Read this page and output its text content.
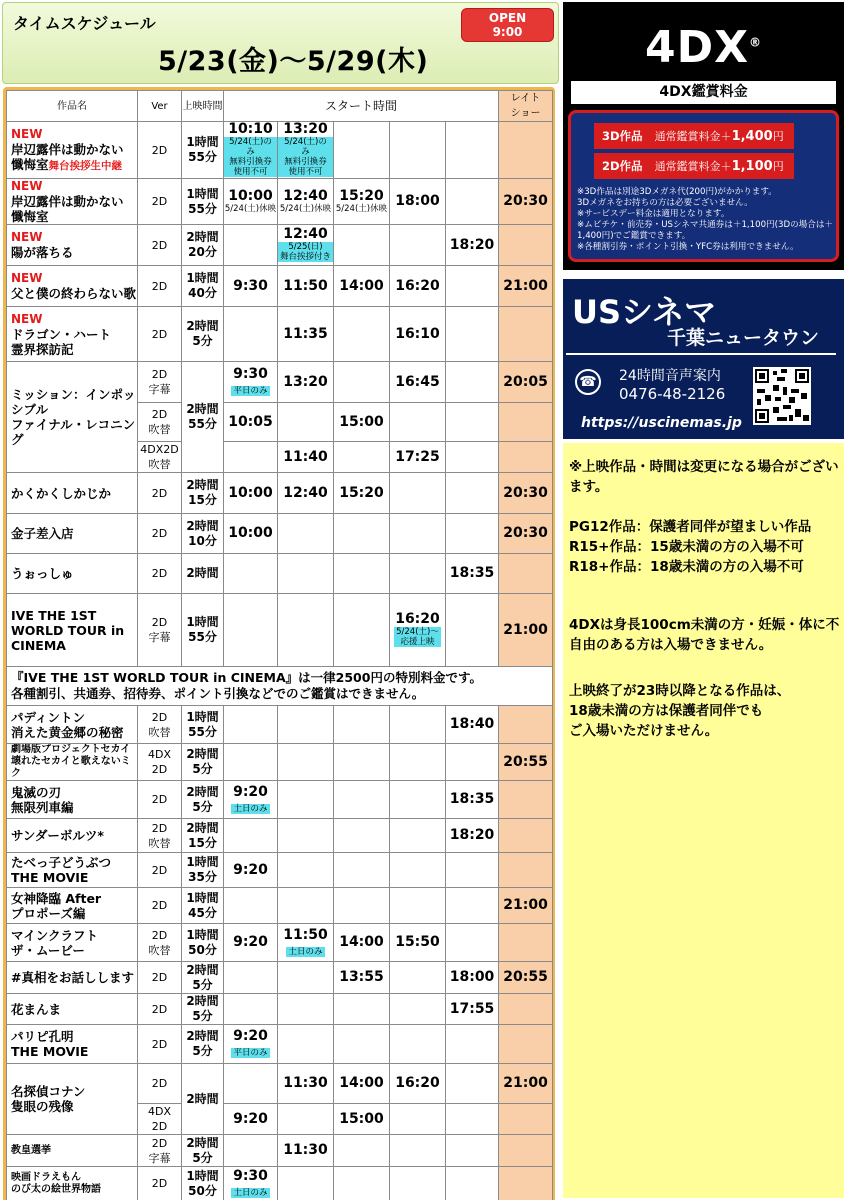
タイムスケジュール
5/23(金)〜5/29(木)
OPEN
9:00
作品名	Ver	上映時間	スタート時間					レイト
ショー

NEW
岸辺露伴は動かない
懺悔室舞台挨拶生中継	2D	1時間
55分	10:10
5/24(土)のみ
無料引換券
使用不可	13:20
5/24(土)のみ
無料引換券
使用不可				

NEW
岸辺露伴は動かない
懺悔室	2D	1時間
55分	10:00
5/24(土)休映	12:40
5/24(土)休映	15:20
5/24(土)休映	18:00		20:30

NEW
陽が落ちる	2D	2時間
20分		12:40
5/25(日)
舞台挨拶付き			18:20	

NEW
父と僕の終わらない歌	2D	1時間
40分	9:30	11:50	14:00	16:20		21:00

NEW
ドラゴン・ハート
霊界探訪記	2D	2時間
5分		11:35		16:10		

ミッション：インポッシブル
ファイナル・レコニング	2D
字幕	2時間
55分	9:30
平日のみ	13:20		16:45		20:05

	2D
吹替		10:05		15:00			

	4DX2D
吹替			11:40		17:25		

かくかくしかじか	2D	2時間
15分	10:00	12:40	15:20			20:30

金子差入店	2D	2時間
10分	10:00					20:30

うぉっしゅ	2D	2時間					18:35	

IVE THE 1ST
WORLD TOUR in
CINEMA	2D
字幕	1時間
55分				16:20
5/24(土)〜
応援上映		21:00

『IVE THE 1ST WORLD TOUR in CINEMA』は一律2500円の特別料金です。
各種割引、共通券、招待券、ポイント引換などでのご鑑賞はできません。								

パディントン
消えた黄金郷の秘密	2D
吹替	1時間
55分					18:40	

劇場版プロジェクトセカイ
壊れたセカイと歌えないミク	4DX
2D	2時間
5分						20:55

鬼滅の刃
無限列車編	2D	2時間
5分	9:20
土日のみ				18:35	

サンダーボルツ*	2D
吹替	2時間
15分					18:20	

たべっ子どうぶつ
THE MOVIE	2D	1時間
35分	9:20					

女神降臨 After
プロポーズ編	2D	1時間
45分						21:00

マインクラフト
ザ・ムービー	2D
吹替	1時間
50分	9:20	11:50
土日のみ	14:00	15:50		

#真相をお話しします	2D	2時間
5分			13:55		18:00	20:55

花まんま	2D	2時間
5分					17:55	

パリピ孔明
THE MOVIE	2D	2時間
5分	9:20
平日のみ					

名探偵コナン
隻眼の残像	2D	2時間		11:30	14:00	16:20		21:00

	4DX
2D		9:20		15:00			

教皇選挙	2D
字幕	2時間
5分		11:30				

映画ドラえもん
のび太の絵世界物語	2D	1時間
50分	9:30
土日のみ					
4DX®
4DX鑑賞料金
3D作品 通常鑑賞料金＋1,400円
2D作品 通常鑑賞料金＋1,100円
※3D作品は別途3Dメガネ代(200円)がかかります。
3Dメガネをお持ちの方は必要ございません。
※サービスデー料金は適用となります。
※ムビチケ・前売券・USシネマ共通券は＋1,100円(3Dの場合は＋1,400円)でご鑑賞できます。
※各種割引券・ポイント引換・YFC券は利用できません。
USシネマ
千葉ニュータウン
☎	24時間音声案内
0476-48-2126
https://uscinemas.jp

※上映作品・時間は変更になる場合がございます。

PG12作品：保護者同伴が望ましい作品
R15+作品：15歳未満の方の入場不可
R18+作品：18歳未満の方の入場不可

4DXは身長100cm未満の方・妊娠・体に不自由のある方は入場できません。

上映終了が23時以降となる作品は、
18歳未満の方は保護者同伴でも
ご入場いただけません。
